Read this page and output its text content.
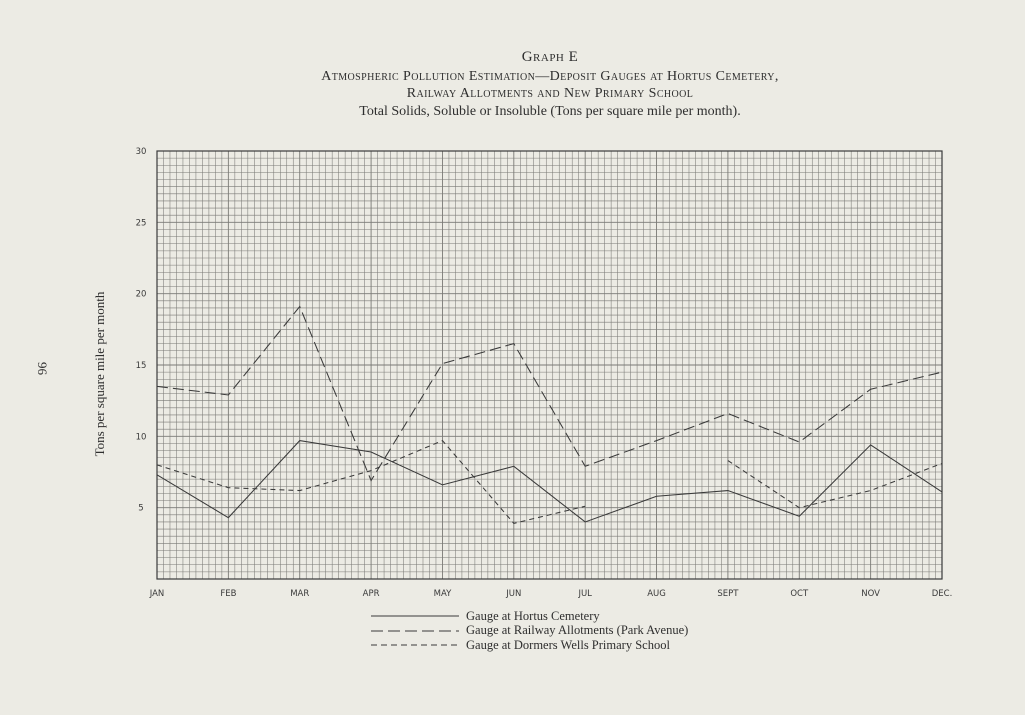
Graph E
Atmospheric Pollution Estimation—Deposit Gauges at Hortus Cemetery,
Railway Allotments and New Primary School
Total Solids, Soluble or Insoluble (Tons per square mile per month).
96	Tons per square mile per month
5
10
15
20
25
30
JAN	FEB	MAR	APR	MAY	JUN	JUL	AUG	SEPT	OCT	NOV	DEC.
Gauge at Hortus Cemetery
Gauge at Railway Allotments (Park Avenue)
Gauge at Dormers Wells Primary School
